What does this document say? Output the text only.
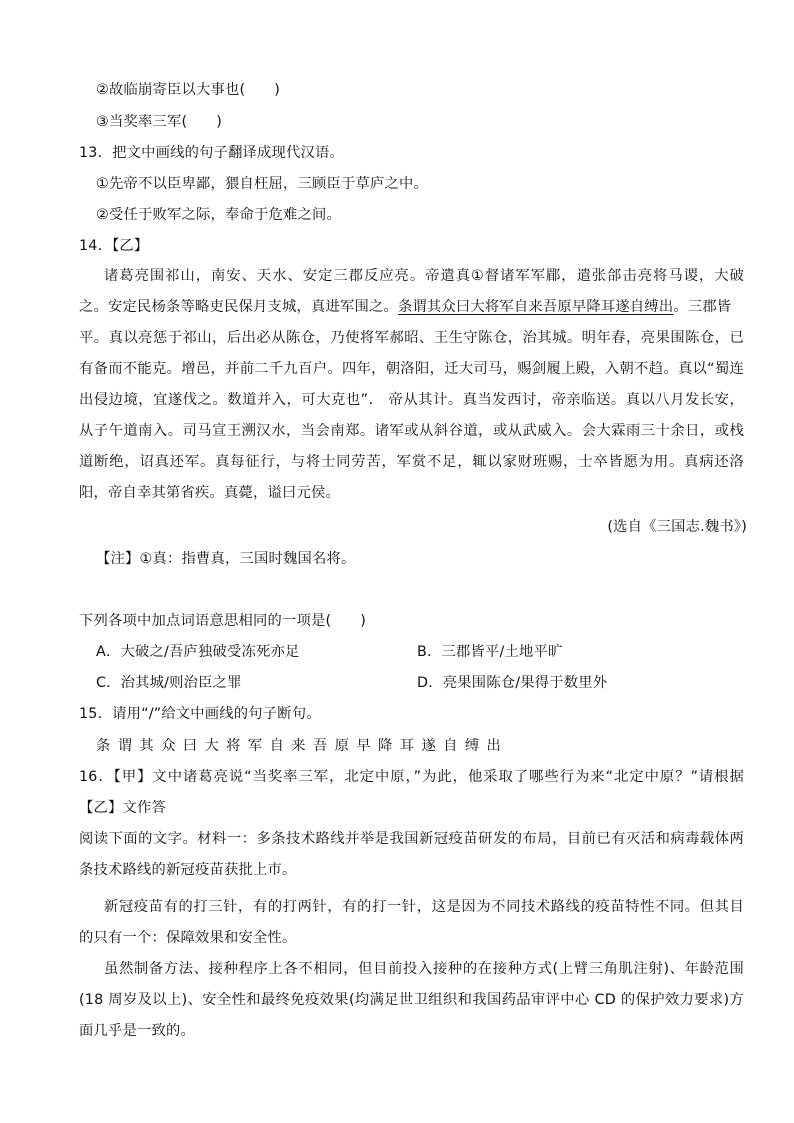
②故临崩寄臣以大事也(　　)
③当奖率三军(　　)
13．把文中画线的句子翻译成现代汉语。
①先帝不以臣卑鄙，猥自枉屈，三顾臣于草庐之中。
②受任于败军之际，奉命于危难之间。
14．【乙】
诸葛亮围祁山，南安、天水、安定三郡反应亮。帝遣真①督诸军军郿，遣张郃击亮将马谡，大破
之。安定民杨条等略吏民保月支城，真进军围之。条谓其众曰大将军自来吾原早降耳遂自缚出。三郡皆
平。真以亮惩于祁山，后出必从陈仓，乃使将军郝昭、王生守陈仓，治其城。明年春，亮果围陈仓，已
有备而不能克。增邑，并前二千九百户。四年，朝洛阳，迁大司马，赐剑履上殿，入朝不趋。真以“蜀连
出侵边境，宜遂伐之。数道并入，可大克也”． 帝从其计。真当发西讨，帝亲临送。真以八月发长安，
从子午道南入。司马宣王溯汉水，当会南郑。诸军或从斜谷道，或从武威入。会大霖雨三十余日，或栈
道断绝，诏真还军。真每征行，与将士同劳苦，军赏不足，辄以家财班赐，士卒皆愿为用。真病还洛
阳，帝自幸其第省疾。真薨，谥曰元侯。
(选自《三国志.魏书》)
【注】①真：指曹真，三国时魏国名将。
下列各项中加点词语意思相同的一项是(　　)
A．大破之/吾庐独破受冻死亦足	B．三郡皆平/土地平旷
C．治其城/则治臣之罪	D．亮果围陈仓/果得于数里外
15．请用“/”给文中画线的句子断句。
条谓其众曰大将军自来吾原早降耳遂自缚出
16．【甲】文中诸葛亮说“当奖率三军，北定中原，”为此，他采取了哪些行为来“北定中原？”请根据
【乙】文作答
阅读下面的文字。材料一：多条技术路线并举是我国新冠疫苗研发的布局，目前已有灭活和病毒载体两
条技术路线的新冠疫苗获批上市。
新冠疫苗有的打三针，有的打两针，有的打一针，这是因为不同技术路线的疫苗特性不同。但其目
的只有一个：保障效果和安全性。
虽然制备方法、接种程序上各不相同，但目前投入接种的在接种方式(上臂三角肌注射)、年龄范围
(18 周岁及以上)、安全性和最终免疫效果(均满足世卫组织和我国药品审评中心 CD 的保护效力要求)方
面几乎是一致的。
